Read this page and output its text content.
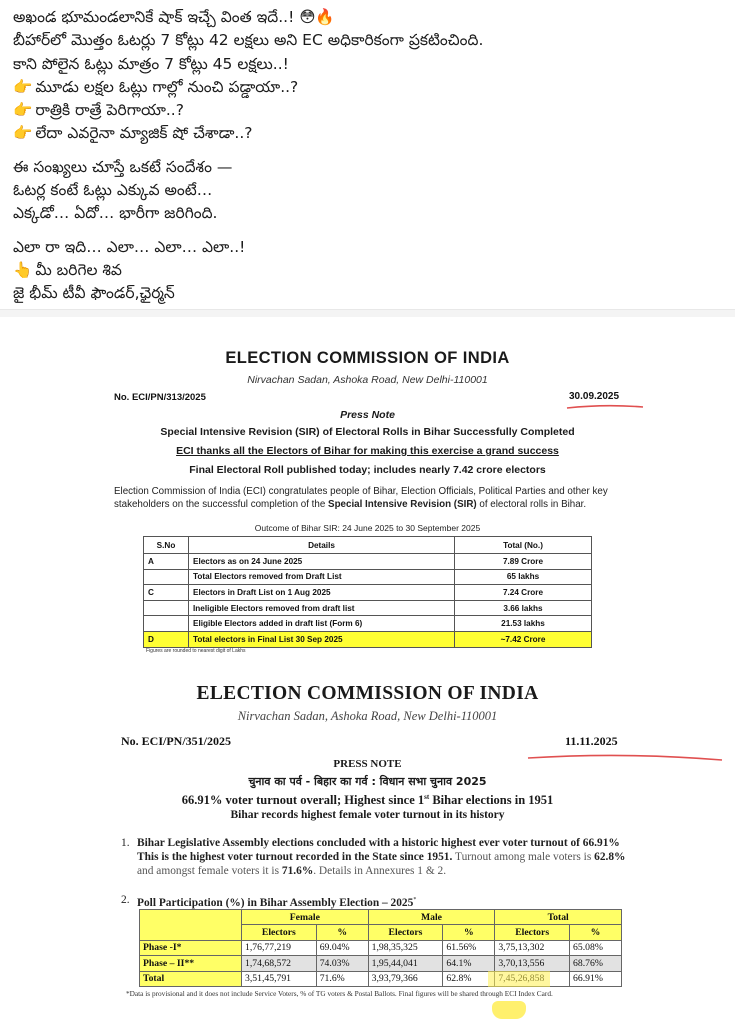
అఖండ భూమండలానికే షాక్ ఇచ్చే వింత ఇదే..! 😳🔥
బీహార్‌లో మొత్తం ఓటర్లు 7 కోట్లు 42 లక్షలు అని EC అధికారికంగా ప్రకటించింది.
కాని పోలైన ఓట్లు మాత్రం 7 కోట్లు 45 లక్షలు..!
👉 మూడు లక్షల ఓట్లు గాల్లో నుంచి పడ్డాయా..?
👉 రాత్రికి రాత్రే పెరిగాయా..?
👉 లేదా ఎవరైనా మ్యాజిక్ షో చేశాడా..?
ఈ సంఖ్యలు చూస్తే ఒకటే సందేశం —
ఓటర్ల కంటే ఓట్లు ఎక్కువ అంటే…
ఎక్కడో… ఏదో… భారీగా జరిగింది.
ఎలా రా ఇది… ఎలా… ఎలా… ఎలా..!
👆 మీ బరిగెల శివ
జై భీమ్ టీవీ ఫౌండర్,ఛైర్మన్
ELECTION COMMISSION OF INDIA
Nirvachan Sadan, Ashoka Road, New Delhi-110001
No. ECI/PN/313/2025	30.09.2025
Press Note
Special Intensive Revision (SIR) of Electoral Rolls in Bihar Successfully Completed
ECI thanks all the Electors of Bihar for making this exercise a grand success
Final Electoral Roll published today; includes nearly 7.42 crore electors
Election Commission of India (ECI) congratulates people of Bihar, Election Officials, Political Parties and other key stakeholders on the successful completion of the Special Intensive Revision (SIR) of electoral rolls in Bihar.
Outcome of Bihar SIR: 24 June 2025 to 30 September 2025
S.No	Details	Total (No.)
A	Electors as on 24 June 2025	7.89 Crore
	Total Electors removed from Draft List	65 lakhs
C	Electors in Draft List on 1 Aug 2025	7.24 Crore
	Ineligible Electors removed from draft list	3.66 lakhs
	Eligible Electors added in draft list (Form 6)	21.53 lakhs
D	Total electors in Final List 30 Sep 2025	~7.42 Crore
Figures are rounded to nearest digit of Lakhs
ELECTION COMMISSION OF INDIA
Nirvachan Sadan, Ashoka Road, New Delhi-110001
No. ECI/PN/351/2025	11.11.2025
PRESS NOTE
चुनाव का पर्व - बिहार का गर्व : विधान सभा चुनाव 2025
66.91% voter turnout overall; Highest since 1st Bihar elections in 1951
Bihar records highest female voter turnout in its history
1. Bihar Legislative Assembly elections concluded with a historic highest ever voter turnout of 66.91% This is the highest voter turnout recorded in the State since 1951. Turnout among male voters is 62.8% and amongst female voters it is 71.6%. Details in Annexures 1 & 2.
2. Poll Participation (%) in Bihar Assembly Election – 2025*
	Female		Male		Total	
	Electors	%	Electors	%	Electors	%
Phase -I*	1,76,77,219	69.04%	1,98,35,325	61.56%	3,75,13,302	65.08%
Phase – II**	1,74,68,572	74.03%	1,95,44,041	64.1%	3,70,13,556	68.76%
Total	3,51,45,791	71.6%	3,93,79,366	62.8%		66.91%
*Data is provisional and it does not include Service Voters, % of TG voters & Postal Ballots. Final figures will be shared through ECI Index Card.
